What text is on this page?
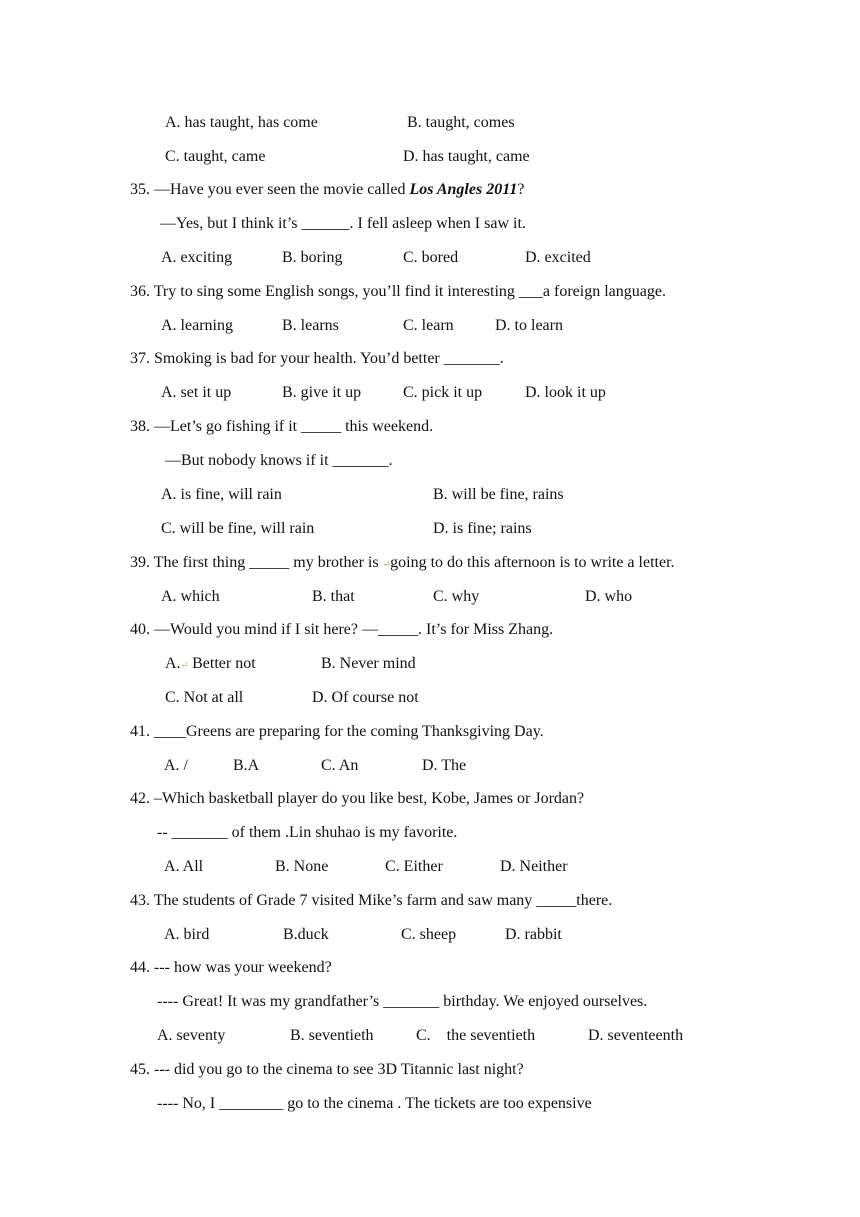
A. has taught, has come	B. taught, comes
C. taught, came	D. has taught, came
35. —Have you ever seen the movie called Los Angles 2011?
—Yes, but I think it’s ______. I fell asleep when I saw it.
A. exciting	B. boring	C. bored	D. excited
36. Try to sing some English songs, you’ll find it interesting ___a foreign language.
A. learning	B. learns	C. learn	D. to learn
37. Smoking is bad for your health. You’d better _______.
A. set it up	B. give it up	C. pick it up	D. look it up
38. —Let’s go fishing if it _____ this weekend.
—But nobody knows if it _______.
A. is fine, will rain	B. will be fine, rains
C. will be fine, will rain	D. is fine; rains
39. The first thing _____ my brother is ↵going to do this afternoon is to write a letter.
A. which	B. that	C. why	D. who
40. —Would you mind if I sit here? —_____. It’s for Miss Zhang.
A.↵ Better not	B. Never mind
C. Not at all	D. Of course not
41. ____Greens are preparing for the coming Thanksgiving Day.
A. /	B.A	C. An	D. The
42. –Which basketball player do you like best, Kobe, James or Jordan?
-- _______ of them .Lin shuhao is my favorite.
A. All	B. None	C. Either	D. Neither
43. The students of Grade 7 visited Mike’s farm and saw many _____there.
A. bird	B.duck	C. sheep	D. rabbit
44. --- how was your weekend?
---- Great! It was my grandfather’s _______ birthday. We enjoyed ourselves.
A. seventy	B. seventieth	C.    the seventieth	D. seventeenth
45. --- did you go to the cinema to see 3D Titannic last night?
---- No, I ________ go to the cinema . The tickets are too expensive
